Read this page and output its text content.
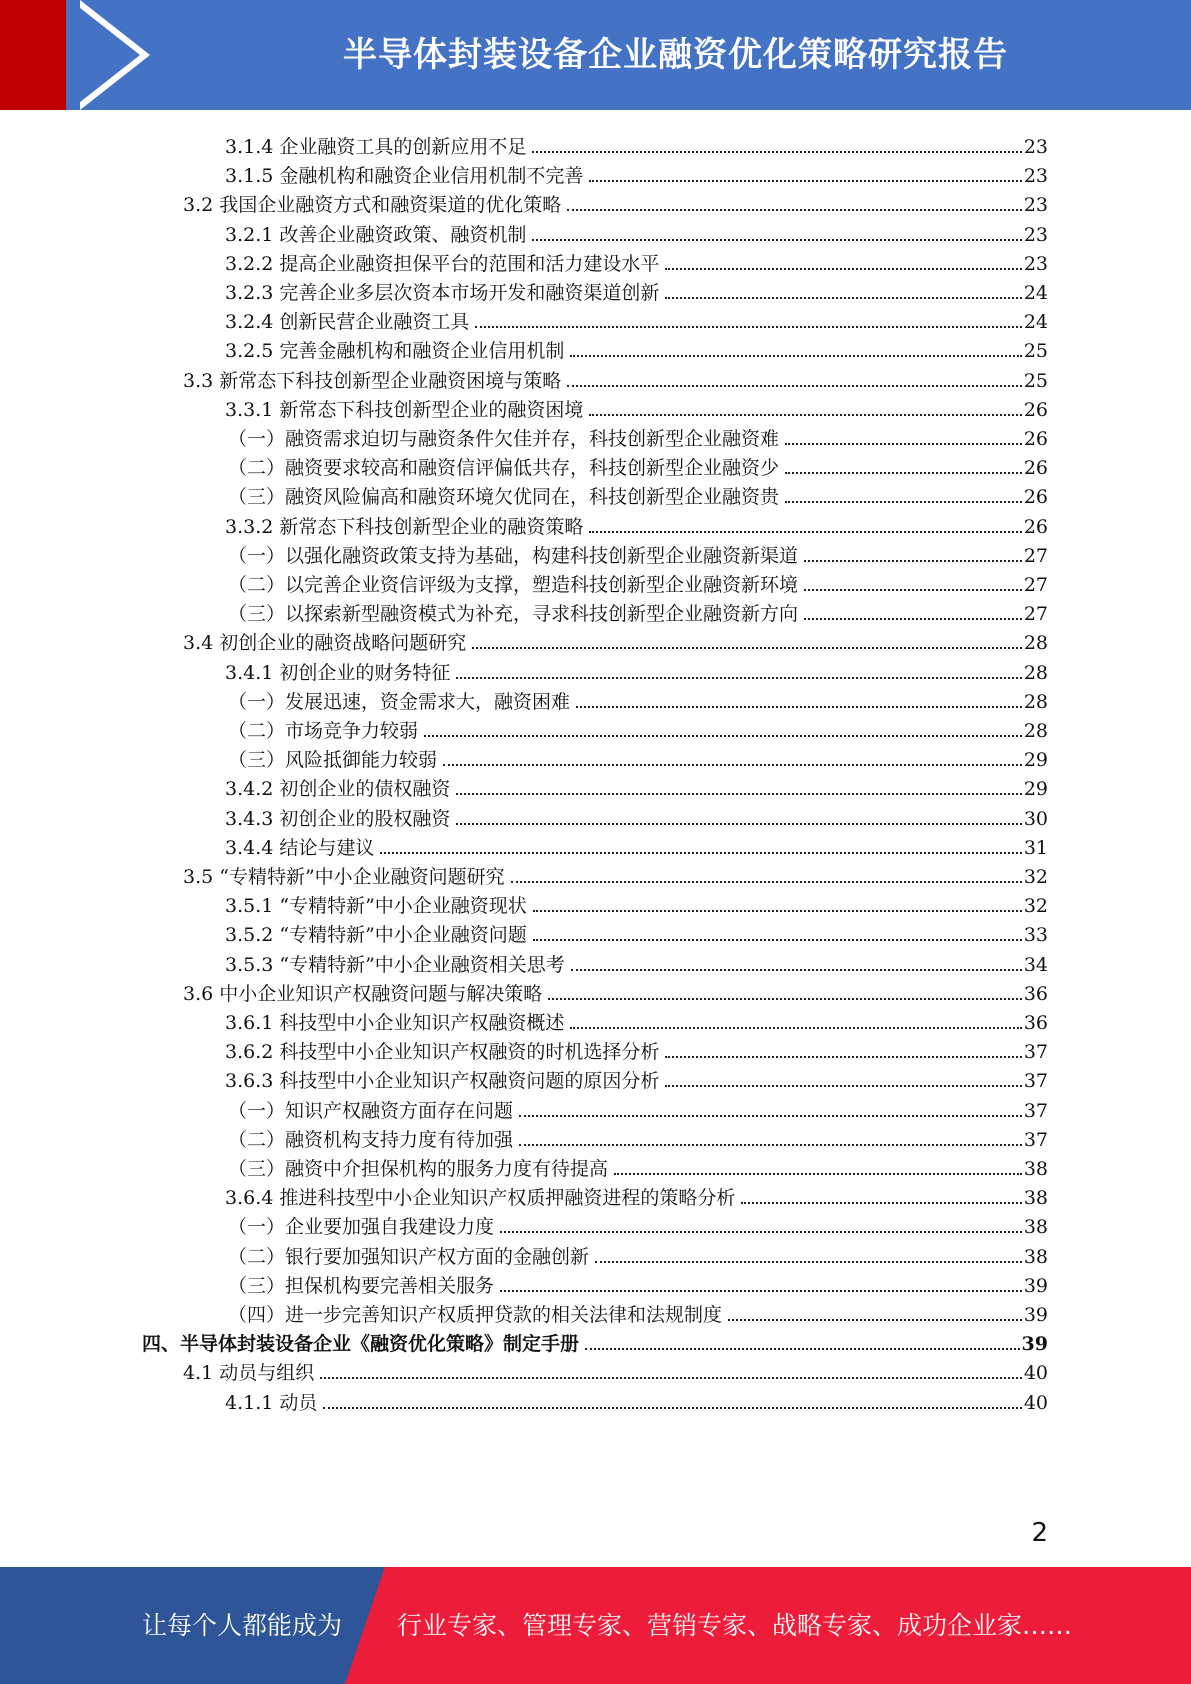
半导体封装设备企业融资优化策略研究报告
3.1.4 企业融资工具的创新应用不足	23
3.1.5 金融机构和融资企业信用机制不完善	23
3.2 我国企业融资方式和融资渠道的优化策略	23
3.2.1 改善企业融资政策、融资机制	23
3.2.2 提高企业融资担保平台的范围和活力建设水平	23
3.2.3 完善企业多层次资本市场开发和融资渠道创新	24
3.2.4 创新民营企业融资工具	24
3.2.5 完善金融机构和融资企业信用机制	25
3.3 新常态下科技创新型企业融资困境与策略	25
3.3.1 新常态下科技创新型企业的融资困境	26
（一）融资需求迫切与融资条件欠佳并存，科技创新型企业融资难	26
（二）融资要求较高和融资信评偏低共存，科技创新型企业融资少	26
（三）融资风险偏高和融资环境欠优同在，科技创新型企业融资贵	26
3.3.2 新常态下科技创新型企业的融资策略	26
（一）以强化融资政策支持为基础，构建科技创新型企业融资新渠道	27
（二）以完善企业资信评级为支撑，塑造科技创新型企业融资新环境	27
（三）以探索新型融资模式为补充，寻求科技创新型企业融资新方向	27
3.4 初创企业的融资战略问题研究	28
3.4.1 初创企业的财务特征	28
（一）发展迅速，资金需求大，融资困难	28
（二）市场竞争力较弱	28
（三）风险抵御能力较弱	29
3.4.2 初创企业的债权融资	29
3.4.3 初创企业的股权融资	30
3.4.4 结论与建议	31
3.5 “专精特新”中小企业融资问题研究	32
3.5.1 “专精特新”中小企业融资现状	32
3.5.2 “专精特新”中小企业融资问题	33
3.5.3 “专精特新”中小企业融资相关思考	34
3.6 中小企业知识产权融资问题与解决策略	36
3.6.1 科技型中小企业知识产权融资概述	36
3.6.2 科技型中小企业知识产权融资的时机选择分析	37
3.6.3 科技型中小企业知识产权融资问题的原因分析	37
（一）知识产权融资方面存在问题	37
（二）融资机构支持力度有待加强	37
（三）融资中介担保机构的服务力度有待提高	38
3.6.4 推进科技型中小企业知识产权质押融资进程的策略分析	38
（一）企业要加强自我建设力度	38
（二）银行要加强知识产权方面的金融创新	38
（三）担保机构要完善相关服务	39
（四）进一步完善知识产权质押贷款的相关法律和法规制度	39
四、半导体封装设备企业《融资优化策略》制定手册	39
4.1 动员与组织	40
4.1.1 动员	40
2
让每个人都能成为 行业专家、管理专家、营销专家、战略专家、成功企业家……
